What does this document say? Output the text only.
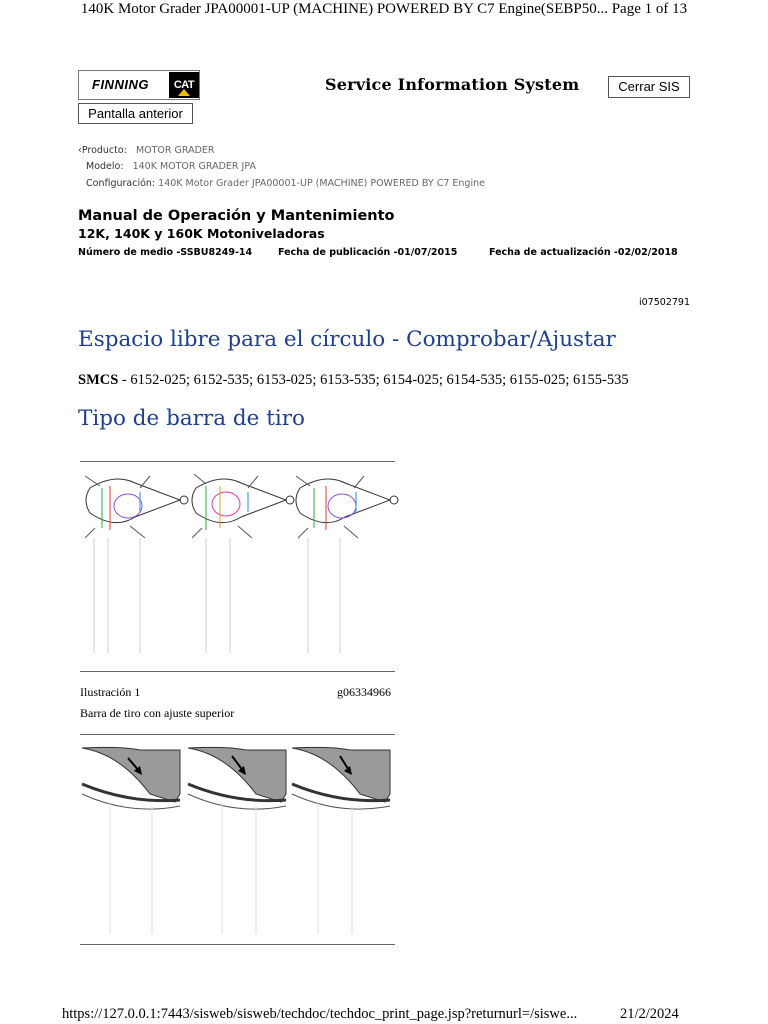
140K Motor Grader JPA00001-UP (MACHINE) POWERED BY C7 Engine(SEBP50... Page 1 of 13
FINNING	CAT	Service Information System	Cerrar SIS
Pantalla anterior
‹Producto: MOTOR GRADER
Modelo: 140K MOTOR GRADER JPA
Configuración: 140K Motor Grader JPA00001-UP (MACHINE) POWERED BY C7 Engine
Manual de Operación y Mantenimiento
12K, 140K y 160K Motoniveladoras
Número de medio -SSBU8249-14	Fecha de publicación -01/07/2015	Fecha de actualización -02/02/2018
i07502791
Espacio libre para el círculo - Comprobar/Ajustar
SMCS - 6152-025; 6152-535; 6153-025; 6153-535; 6154-025; 6154-535; 6155-025; 6155-535
Tipo de barra de tiro
Ilustración 1	g06334966
Barra de tiro con ajuste superior
https://127.0.0.1:7443/sisweb/sisweb/techdoc/techdoc_print_page.jsp?returnurl=/siswe...	21/2/2024
